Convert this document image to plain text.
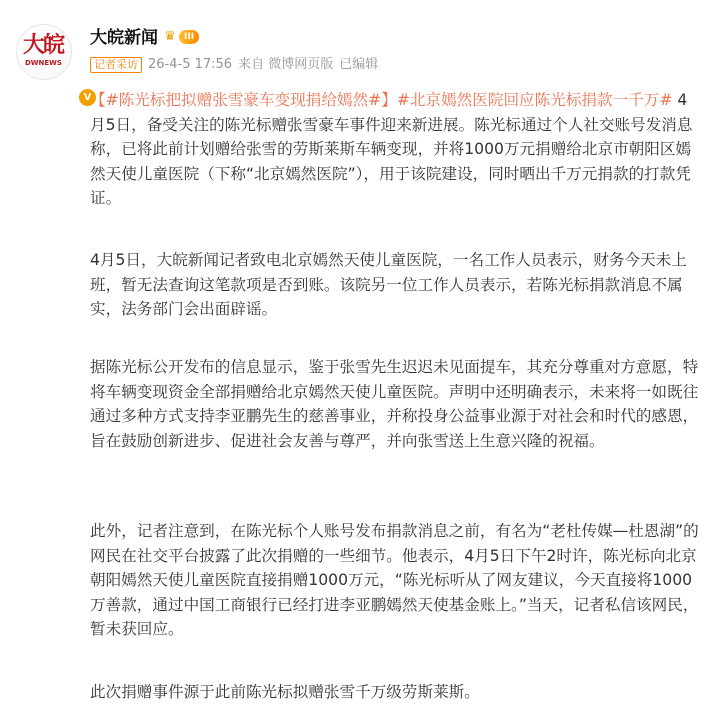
大皖
DWNEWS
V
大皖新闻 ♛ III
记者采访 26-4-5 17:56 来自 微博网页版 已编辑

【#陈光标把拟赠张雪豪车变现捐给嫣然#】#北京嫣然医院回应陈光标捐款一千万# 4月5日，备受关注的陈光标赠张雪豪车事件迎来新进展。陈光标通过个人社交账号发消息称，已将此前计划赠给张雪的劳斯莱斯车辆变现，并将1000万元捐赠给北京市朝阳区嫣然天使儿童医院（下称“北京嫣然医院”），用于该院建设，同时晒出千万元捐款的打款凭证。

4月5日，大皖新闻记者致电北京嫣然天使儿童医院，一名工作人员表示，财务今天未上班，暂无法查询这笔款项是否到账。该院另一位工作人员表示，若陈光标捐款消息不属实，法务部门会出面辟谣。

据陈光标公开发布的信息显示，鉴于张雪先生迟迟未见面提车，其充分尊重对方意愿，特将车辆变现资金全部捐赠给北京嫣然天使儿童医院。声明中还明确表示，未来将一如既往通过多种方式支持李亚鹏先生的慈善事业，并称投身公益事业源于对社会和时代的感恩，旨在鼓励创新进步、促进社会友善与尊严，并向张雪送上生意兴隆的祝福。

此外，记者注意到，在陈光标个人账号发布捐款消息之前，有名为“老杜传媒—杜恩湖”的网民在社交平台披露了此次捐赠的一些细节。他表示，4月5日下午2时许，陈光标向北京朝阳嫣然天使儿童医院直接捐赠1000万元，“陈光标听从了网友建议，今天直接将1000万善款，通过中国工商银行已经打进李亚鹏嫣然天使基金账上。”当天，记者私信该网民，暂未获回应。

此次捐赠事件源于此前陈光标拟赠张雪千万级劳斯莱斯。
